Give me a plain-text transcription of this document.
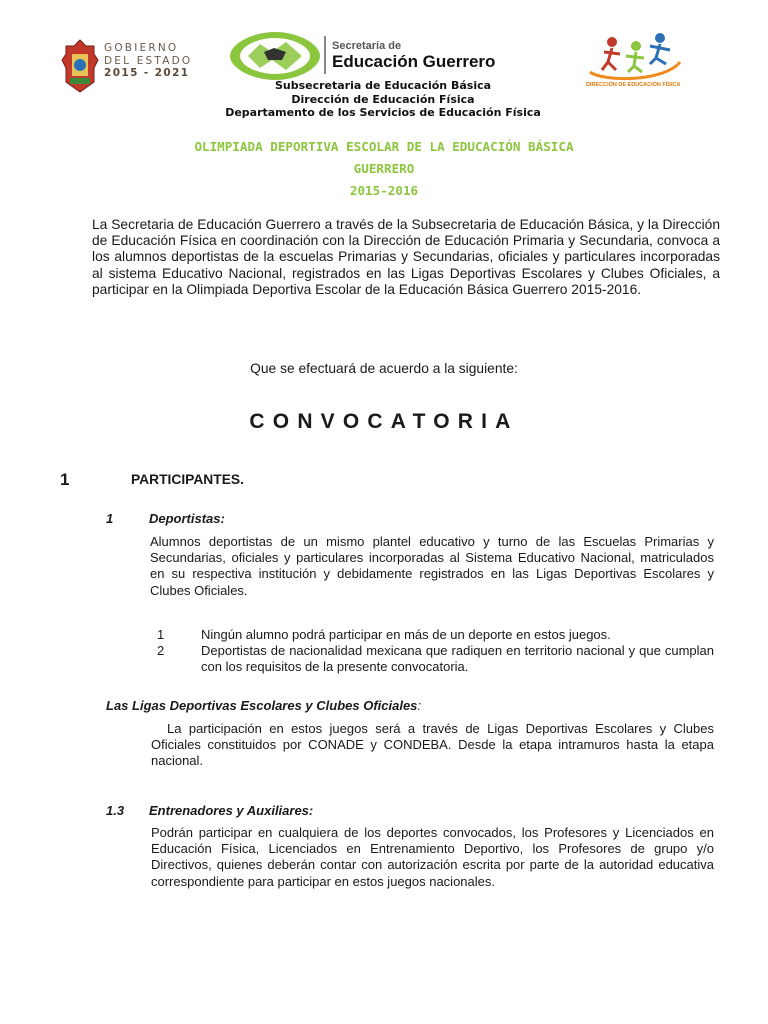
GOBIERNO
DEL ESTADO
2015 - 2021
Secretaría de
Educación Guerrero
DIRECCIÓN DE EDUCACIÓN FÍSICA
Subsecretaria de Educación Básica
Dirección de Educación Física
Departamento de los Servicios de Educación Física
OLIMPIADA DEPORTIVA ESCOLAR DE LA EDUCACIÓN BÁSICA
GUERRERO
2015-2016
La Secretaria de Educación Guerrero a través de la Subsecretaria de Educación Básica, y la Dirección de Educación Física en coordinación con la Dirección de Educación Primaria y Secundaria, convoca a los alumnos deportistas de la escuelas Primarias y Secundarias, oficiales y particulares incorporadas al sistema Educativo Nacional, registrados en las Ligas Deportivas Escolares y Clubes Oficiales, a participar en la Olimpiada Deportiva Escolar de la Educación Básica Guerrero 2015-2016.
Que se efectuará de acuerdo a la siguiente:
CONVOCATORIA
1	PARTICIPANTES.
1	Deportistas:
Alumnos deportistas de un mismo plantel educativo y turno de las Escuelas Primarias y Secundarias, oficiales y particulares incorporadas al Sistema Educativo Nacional, matriculados en su respectiva institución y debidamente registrados en las Ligas Deportivas Escolares y Clubes Oficiales.
1	Ningún alumno podrá participar en más de un deporte en estos juegos.
2	Deportistas de nacionalidad mexicana que radiquen en territorio nacional y que cumplan con los requisitos de la presente convocatoria.
Las Ligas Deportivas Escolares y Clubes Oficiales:
La participación en estos juegos será a través de Ligas Deportivas Escolares y Clubes Oficiales constituidos por CONADE y CONDEBA. Desde la etapa intramuros hasta la etapa nacional.
1.3 Entrenadores y Auxiliares:
Podrán participar en cualquiera de los deportes convocados, los Profesores y Licenciados en Educación Física, Licenciados en Entrenamiento Deportivo, los Profesores de grupo y/o Directivos, quienes deberán contar con autorización escrita por parte de la autoridad educativa correspondiente para participar en estos juegos nacionales.
